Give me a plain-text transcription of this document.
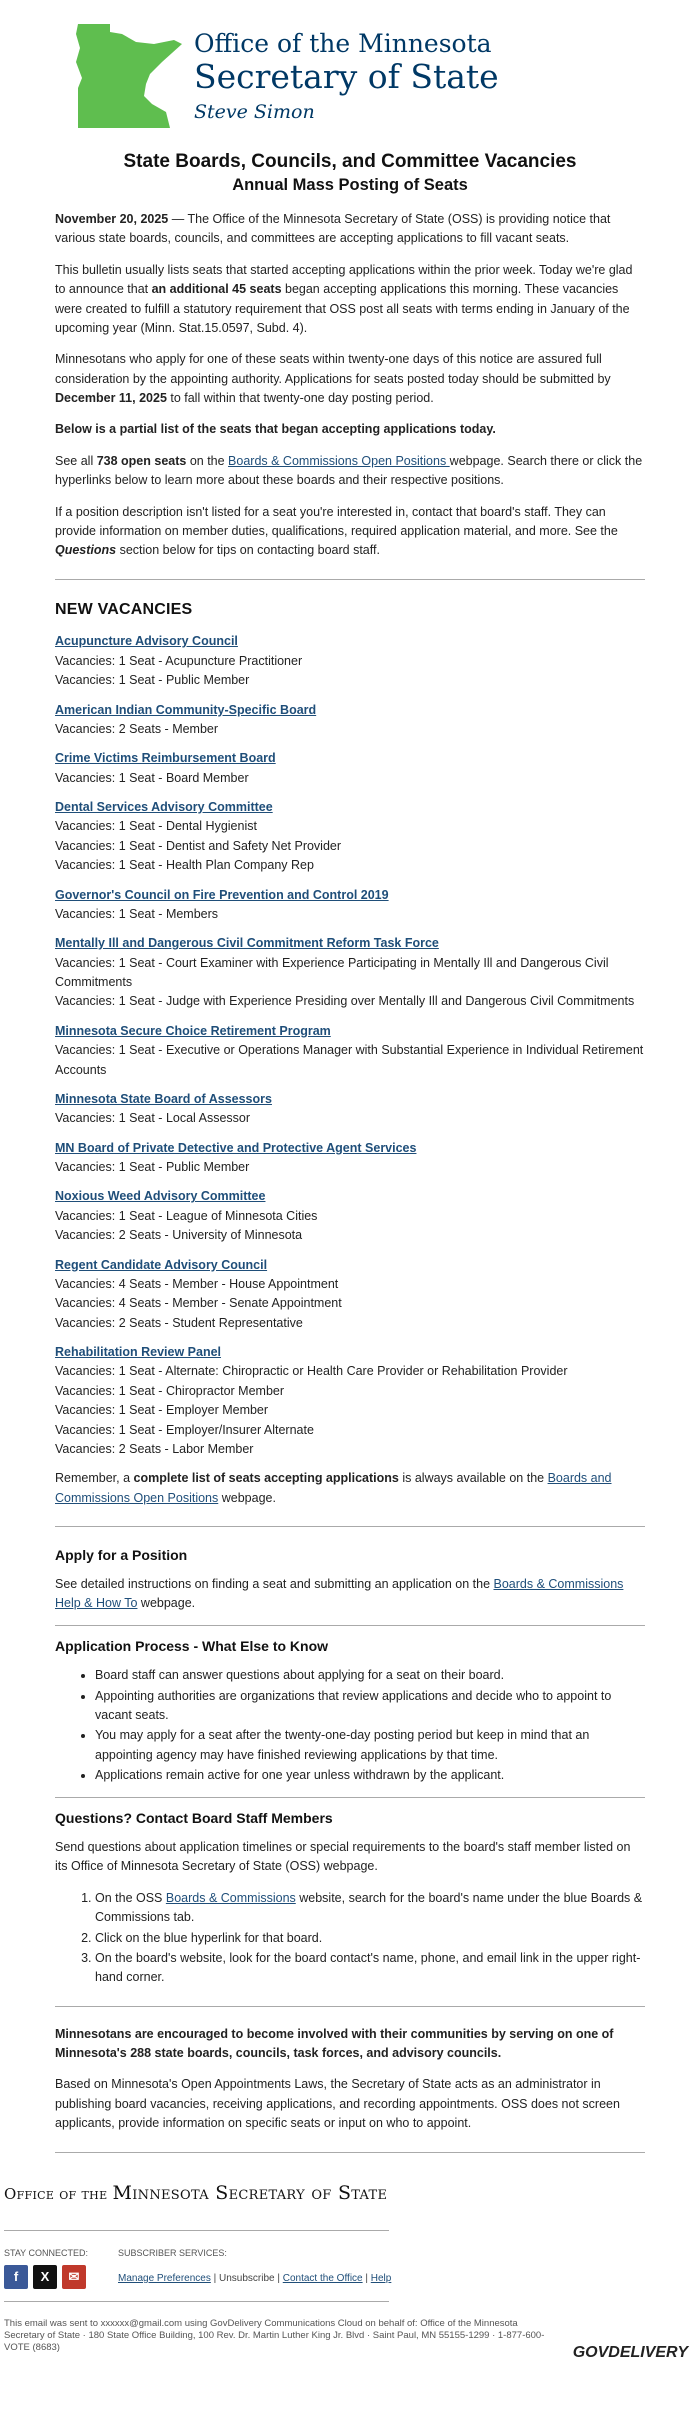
Office of the Minnesota
Secretary of State
Steve Simon
State Boards, Councils, and Committee Vacancies
Annual Mass Posting of Seats

November 20, 2025 — The Office of the Minnesota Secretary of State (OSS) is providing notice that various state boards, councils, and committees are accepting applications to fill vacant seats.

This bulletin usually lists seats that started accepting applications within the prior week. Today we're glad to announce that an additional 45 seats began accepting applications this morning. These vacancies were created to fulfill a statutory requirement that OSS post all seats with terms ending in January of the upcoming year (Minn. Stat.15.0597, Subd. 4).

Minnesotans who apply for one of these seats within twenty-one days of this notice are assured full consideration by the appointing authority. Applications for seats posted today should be submitted by December 11, 2025 to fall within that twenty-one day posting period.

Below is a partial list of the seats that began accepting applications today.

See all 738 open seats on the Boards & Commissions Open Positions webpage. Search there or click the hyperlinks below to learn more about these boards and their respective positions.

If a position description isn't listed for a seat you're interested in, contact that board's staff. They can provide information on member duties, qualifications, required application material, and more. See the Questions section below for tips on contacting board staff.

NEW VACANCIES
Acupuncture Advisory Council
Vacancies: 1 Seat - Acupuncture Practitioner
Vacancies: 1 Seat - Public Member
American Indian Community-Specific Board
Vacancies: 2 Seats - Member
Crime Victims Reimbursement Board
Vacancies: 1 Seat - Board Member
Dental Services Advisory Committee
Vacancies: 1 Seat - Dental Hygienist
Vacancies: 1 Seat - Dentist and Safety Net Provider
Vacancies: 1 Seat - Health Plan Company Rep
Governor's Council on Fire Prevention and Control 2019
Vacancies: 1 Seat - Members
Mentally Ill and Dangerous Civil Commitment Reform Task Force
Vacancies: 1 Seat - Court Examiner with Experience Participating in Mentally Ill and Dangerous Civil Commitments
Vacancies: 1 Seat - Judge with Experience Presiding over Mentally Ill and Dangerous Civil Commitments
Minnesota Secure Choice Retirement Program
Vacancies: 1 Seat - Executive or Operations Manager with Substantial Experience in Individual Retirement Accounts
Minnesota State Board of Assessors
Vacancies: 1 Seat - Local Assessor
MN Board of Private Detective and Protective Agent Services
Vacancies: 1 Seat - Public Member
Noxious Weed Advisory Committee
Vacancies: 1 Seat - League of Minnesota Cities
Vacancies: 2 Seats - University of Minnesota
Regent Candidate Advisory Council
Vacancies: 4 Seats - Member - House Appointment
Vacancies: 4 Seats - Member - Senate Appointment
Vacancies: 2 Seats - Student Representative
Rehabilitation Review Panel
Vacancies: 1 Seat - Alternate: Chiropractic or Health Care Provider or Rehabilitation Provider
Vacancies: 1 Seat - Chiropractor Member
Vacancies: 1 Seat - Employer Member
Vacancies: 1 Seat - Employer/Insurer Alternate
Vacancies: 2 Seats - Labor Member

Remember, a complete list of seats accepting applications is always available on the Boards and Commissions Open Positions webpage.

Apply for a Position

See detailed instructions on finding a seat and submitting an application on the Boards & Commissions Help & How To webpage.

Application Process - What Else to Know
• Board staff can answer questions about applying for a seat on their board.
• Appointing authorities are organizations that review applications and decide who to appoint to vacant seats.
• You may apply for a seat after the twenty-one-day posting period but keep in mind that an appointing agency may have finished reviewing applications by that time.
• Applications remain active for one year unless withdrawn by the applicant.
Questions? Contact Board Staff Members

Send questions about application timelines or special requirements to the board's staff member listed on its Office of Minnesota Secretary of State (OSS) webpage.

1. On the OSS Boards & Commissions website, search for the board's name under the blue Boards & Commissions tab.
2. Click on the blue hyperlink for that board.
3. On the board's website, look for the board contact's name, phone, and email link in the upper right-hand corner.

Minnesotans are encouraged to become involved with their communities by serving on one of Minnesota's 288 state boards, councils, task forces, and advisory councils.

Based on Minnesota's Open Appointments Laws, the Secretary of State acts as an administrator in publishing board vacancies, receiving applications, and recording appointments. OSS does not screen applicants, provide information on specific seats or input on who to appoint.

Office of the Minnesota Secretary of State
STAY CONNECTED:
f	X	✉
SUBSCRIBER SERVICES:
Manage Preferences | Unsubscribe | Contact the Office | Help
This email was sent to xxxxxx@gmail.com using GovDelivery Communications Cloud on behalf of: Office of the Minnesota Secretary of State · 180 State Office Building, 100 Rev. Dr. Martin Luther King Jr. Blvd · Saint Paul, MN 55155-1299 · 1-877-600-VOTE (8683)	GOVDELIVERY
